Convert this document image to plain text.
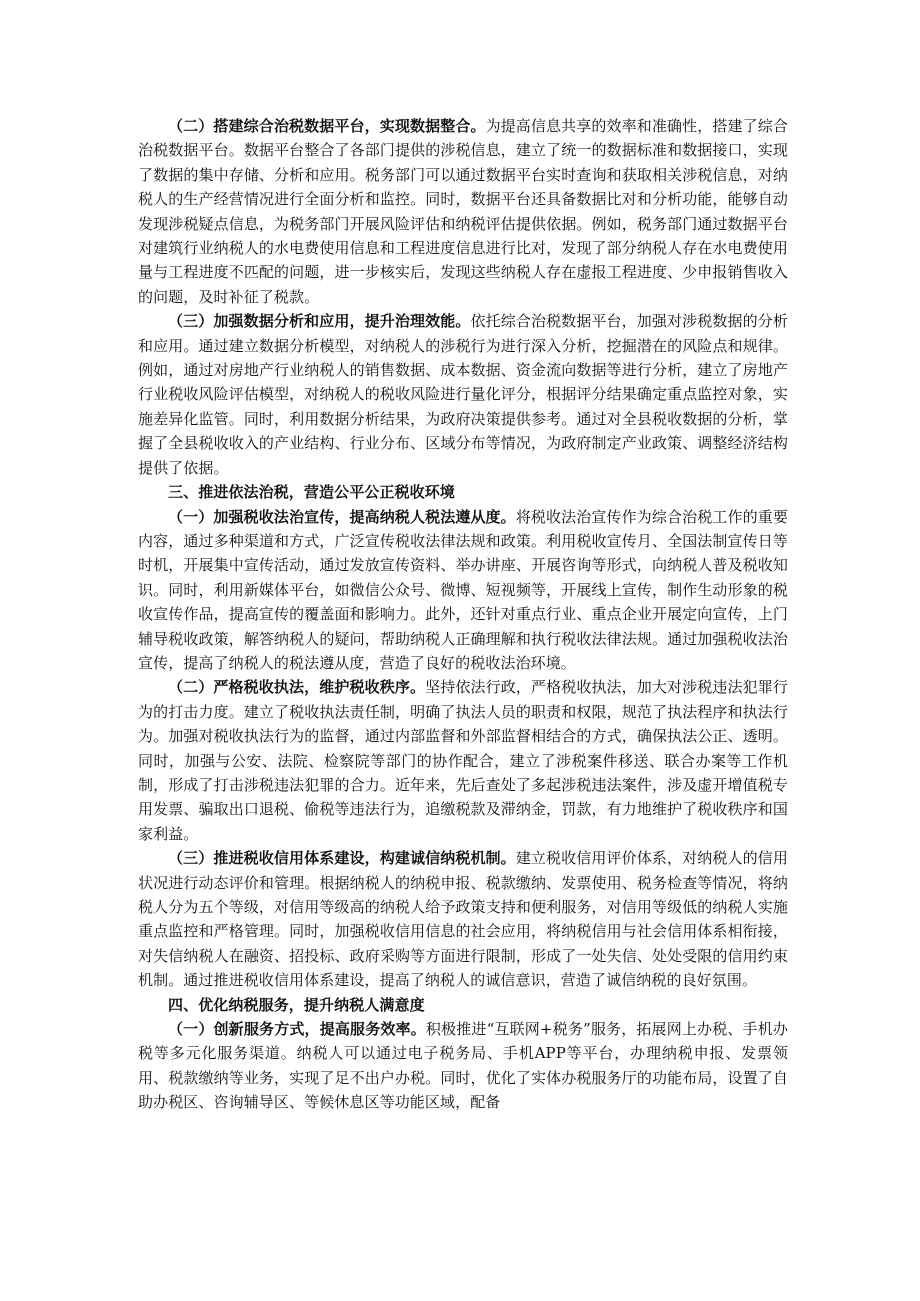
（二）搭建综合治税数据平台，实现数据整合。为提高信息共享的效率和准确性，搭建了综合治税数据平台。数据平台整合了各部门提供的涉税信息，建立了统一的数据标准和数据接口，实现了数据的集中存储、分析和应用。税务部门可以通过数据平台实时查询和获取相关涉税信息，对纳税人的生产经营情况进行全面分析和监控。同时，数据平台还具备数据比对和分析功能，能够自动发现涉税疑点信息，为税务部门开展风险评估和纳税评估提供依据。例如，税务部门通过数据平台对建筑行业纳税人的水电费使用信息和工程进度信息进行比对，发现了部分纳税人存在水电费使用量与工程进度不匹配的问题，进一步核实后，发现这些纳税人存在虚报工程进度、少申报销售收入的问题，及时补征了税款。

（三）加强数据分析和应用，提升治理效能。依托综合治税数据平台，加强对涉税数据的分析和应用。通过建立数据分析模型，对纳税人的涉税行为进行深入分析，挖掘潜在的风险点和规律。例如，通过对房地产行业纳税人的销售数据、成本数据、资金流向数据等进行分析，建立了房地产行业税收风险评估模型，对纳税人的税收风险进行量化评分，根据评分结果确定重点监控对象，实施差异化监管。同时，利用数据分析结果，为政府决策提供参考。通过对全县税收数据的分析，掌握了全县税收收入的产业结构、行业分布、区域分布等情况，为政府制定产业政策、调整经济结构提供了依据。

三、推进依法治税，营造公平公正税收环境

（一）加强税收法治宣传，提高纳税人税法遵从度。将税收法治宣传作为综合治税工作的重要内容，通过多种渠道和方式，广泛宣传税收法律法规和政策。利用税收宣传月、全国法制宣传日等时机，开展集中宣传活动，通过发放宣传资料、举办讲座、开展咨询等形式，向纳税人普及税收知识。同时，利用新媒体平台，如微信公众号、微博、短视频等，开展线上宣传，制作生动形象的税收宣传作品，提高宣传的覆盖面和影响力。此外，还针对重点行业、重点企业开展定向宣传，上门辅导税收政策，解答纳税人的疑问，帮助纳税人正确理解和执行税收法律法规。通过加强税收法治宣传，提高了纳税人的税法遵从度，营造了良好的税收法治环境。

（二）严格税收执法，维护税收秩序。坚持依法行政，严格税收执法，加大对涉税违法犯罪行为的打击力度。建立了税收执法责任制，明确了执法人员的职责和权限，规范了执法程序和执法行为。加强对税收执法行为的监督，通过内部监督和外部监督相结合的方式，确保执法公正、透明。同时，加强与公安、法院、检察院等部门的协作配合，建立了涉税案件移送、联合办案等工作机制，形成了打击涉税违法犯罪的合力。近年来，先后查处了多起涉税违法案件，涉及虚开增值税专用发票、骗取出口退税、偷税等违法行为，追缴税款及滞纳金，罚款，有力地维护了税收秩序和国家利益。

（三）推进税收信用体系建设，构建诚信纳税机制。建立税收信用评价体系，对纳税人的信用状况进行动态评价和管理。根据纳税人的纳税申报、税款缴纳、发票使用、税务检查等情况，将纳税人分为五个等级，对信用等级高的纳税人给予政策支持和便利服务，对信用等级低的纳税人实施重点监控和严格管理。同时，加强税收信用信息的社会应用，将纳税信用与社会信用体系相衔接，对失信纳税人在融资、招投标、政府采购等方面进行限制，形成了一处失信、处处受限的信用约束机制。通过推进税收信用体系建设，提高了纳税人的诚信意识，营造了诚信纳税的良好氛围。

四、优化纳税服务，提升纳税人满意度

（一）创新服务方式，提高服务效率。积极推进“互联网+税务”服务，拓展网上办税、手机办税等多元化服务渠道。纳税人可以通过电子税务局、手机APP等平台，办理纳税申报、发票领用、税款缴纳等业务，实现了足不出户办税。同时，优化了实体办税服务厅的功能布局，设置了自助办税区、咨询辅导区、等候休息区等功能区域，配备
